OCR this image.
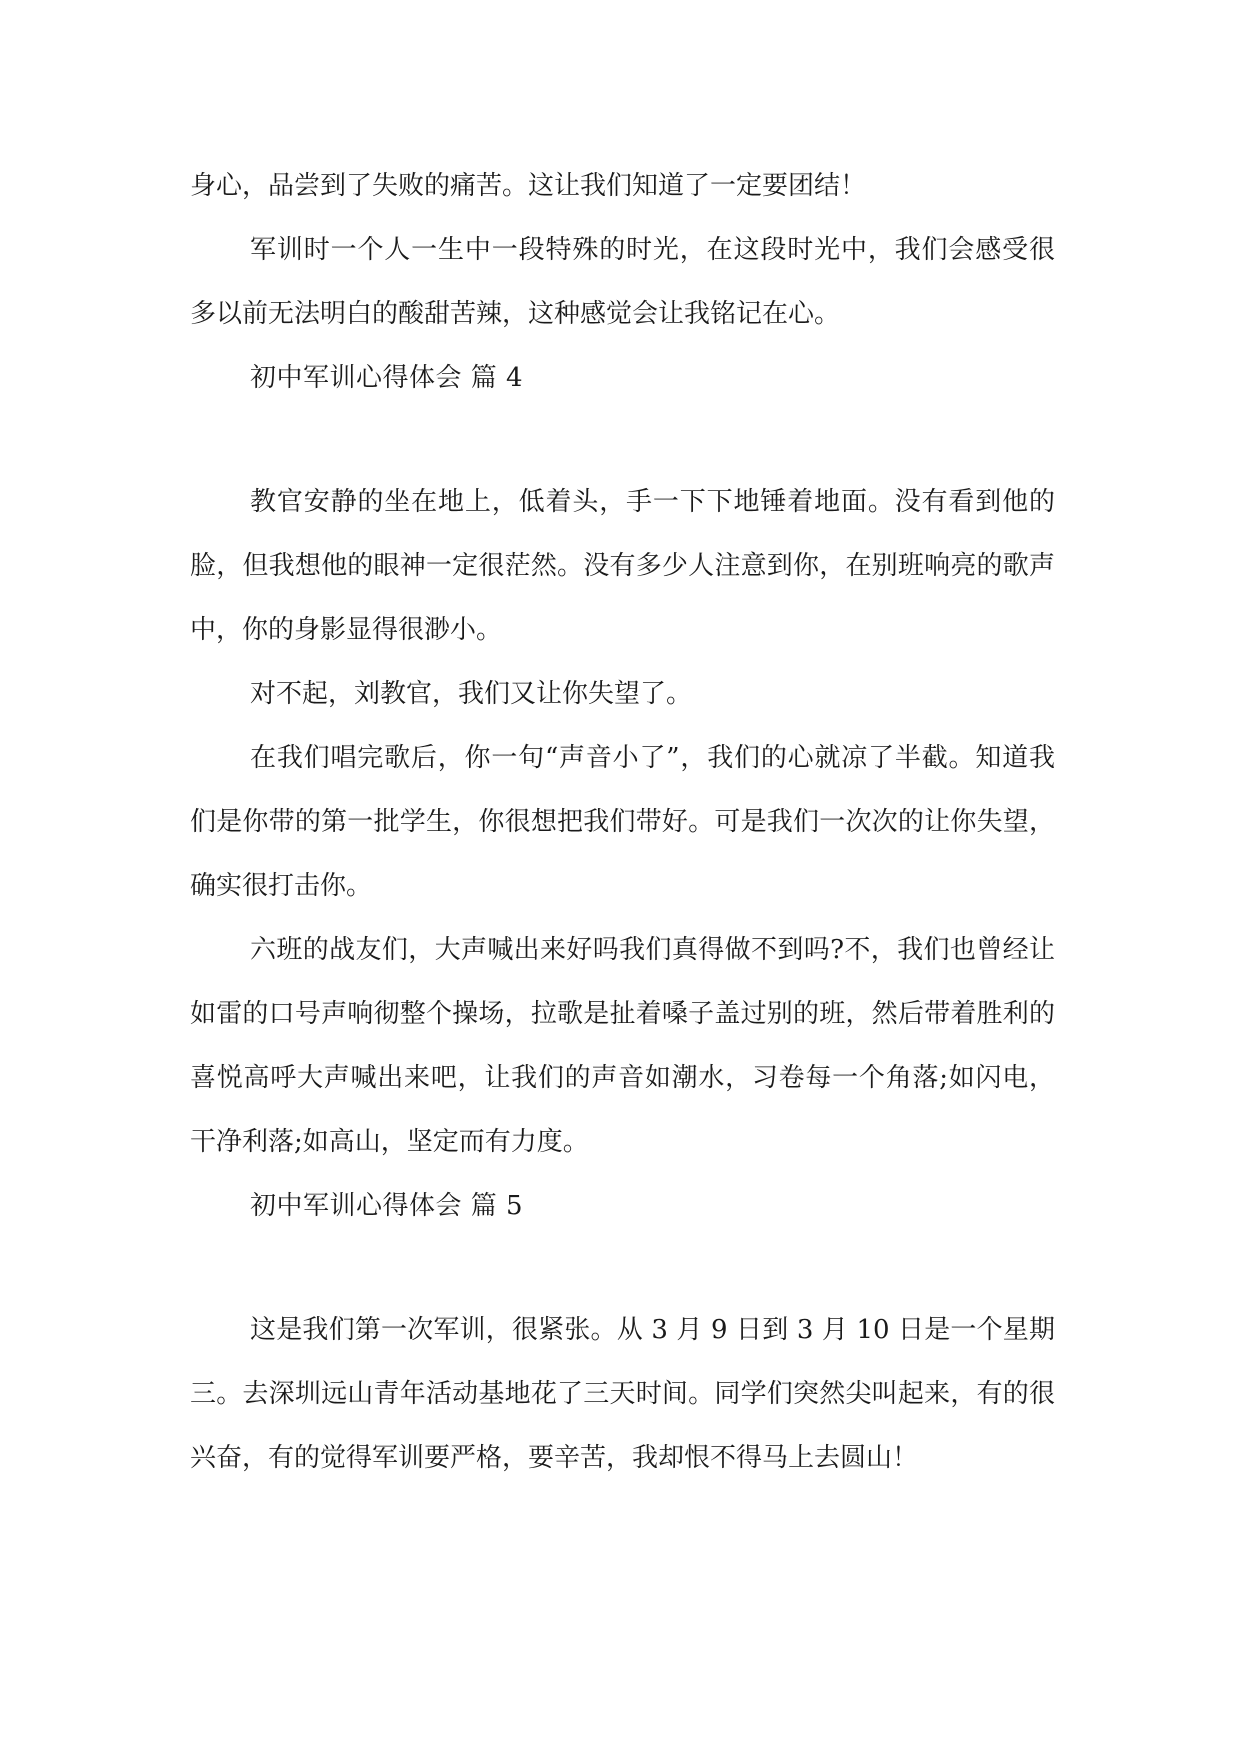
身心，品尝到了失败的痛苦。这让我们知道了一定要团结！

军训时一个人一生中一段特殊的时光，在这段时光中，我们会感受很多以前无法明白的酸甜苦辣，这种感觉会让我铭记在心。

初中军训心得体会 篇 4

教官安静的坐在地上，低着头，手一下下地锤着地面。没有看到他的脸，但我想他的眼神一定很茫然。没有多少人注意到你，在别班响亮的歌声中，你的身影显得很渺小。

对不起，刘教官，我们又让你失望了。

在我们唱完歌后，你一句“声音小了”，我们的心就凉了半截。知道我们是你带的第一批学生，你很想把我们带好。可是我们一次次的让你失望，确实很打击你。

六班的战友们，大声喊出来好吗我们真得做不到吗?不，我们也曾经让如雷的口号声响彻整个操场，拉歌是扯着嗓子盖过别的班，然后带着胜利的喜悦高呼大声喊出来吧，让我们的声音如潮水，习卷每一个角落;如闪电，干净利落;如高山，坚定而有力度。

初中军训心得体会 篇 5

这是我们第一次军训，很紧张。从 3 月 9 日到 3 月 10 日是一个星期三。去深圳远山青年活动基地花了三天时间。同学们突然尖叫起来，有的很兴奋，有的觉得军训要严格，要辛苦，我却恨不得马上去圆山！
